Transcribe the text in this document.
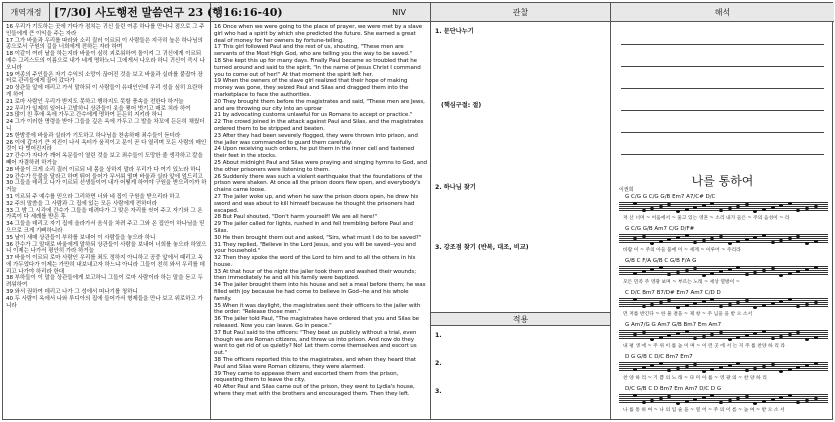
개역개정	[7/30] 사도행전 말씀연구 23 (행16:16-40)

16 우리가 기도하는 곳에 가다가 점치는 귀신 들린 여종 하나를 만나니 점으로 그 주인들에게 큰 이익을 주는 자라

17 그가 바울과 우리를 따라와 소리 질러 이르되 이 사람들은 지극히 높은 하나님의 종으로서 구원의 길을 너희에게 전하는 자라 하며

18 이같이 여러 날을 하는지라 바울이 심히 괴로워하여 돌이켜 그 귀신에게 이르되 예수 그리스도의 이름으로 내가 네게 명하노니 그에게서 나오라 하니 귀신이 즉시 나오니라

19 여종의 주인들은 자기 수익의 소망이 끊어진 것을 보고 바울과 실라를 붙잡아 장터로 관리들에게 끌어 갔다가

20 상관들 앞에 데리고 가서 말하되 이 사람들이 유대인인데 우리 성을 심히 요란하게 하여

21 로마 사람인 우리가 받지도 못하고 행하지도 못할 풍속을 전한다 하거늘

22 무리가 일제히 일어나 고발하니 상관들이 옷을 찢어 벗기고 매로 치라 하여

23 많이 친 후에 옥에 가두고 간수에게 명하여 든든히 지키라 하니

24 그가 이러한 명령을 받아 그들을 깊은 옥에 가두고 그 발을 차꼬에 든든히 채웠더니

25 한밤중에 바울과 실라가 기도하고 하나님을 찬송하매 죄수들이 듣더라

26 이에 갑자기 큰 지진이 나서 옥터가 움직이고 문이 곧 다 열리며 모든 사람의 매인 것이 다 벗어진지라

27 간수가 자다가 깨어 옥문들이 열린 것을 보고 죄수들이 도망한 줄 생각하고 칼을 빼어 자결하려 하거늘

28 바울이 크게 소리 질러 이르되 네 몸을 상하지 말라 우리가 다 여기 있노라 하니

29 간수가 등불을 달라고 하며 뛰어 들어가 무서워 떨며 바울과 실라 앞에 엎드리고

30 그들을 데리고 나가 이르되 선생들이여 내가 어떻게 하여야 구원을 받으리이까 하거늘

31 이르되 주 예수를 믿으라 그리하면 너와 네 집이 구원을 받으리라 하고

32 주의 말씀을 그 사람과 그 집에 있는 모든 사람에게 전하더라

33 그 밤 그 시각에 간수가 그들을 데려다가 그 맞은 자리를 씻어 주고 자기와 그 온 가족이 다 세례를 받은 후

34 그들을 데리고 자기 집에 올라가서 음식을 차려 주고 그와 온 집안이 하나님을 믿으므로 크게 기뻐하니라

35 날이 새매 상관들이 부하를 보내어 이 사람들을 놓으라 하니

36 간수가 그 말대로 바울에게 말하되 상관들이 사람을 보내어 너희를 놓으라 하였으니 이제는 나가서 평안히 가라 하거늘

37 바울이 이르되 로마 사람인 우리를 죄도 정하지 아니하고 공중 앞에서 때리고 옥에 가두었다가 이제는 가만히 내보내고자 하느냐 아니라 그들이 친히 와서 우리를 데리고 나가야 하리라 한대

38 부하들이 이 말을 상관들에게 보고하니 그들이 로마 사람이라 하는 말을 듣고 두려워하여

39 와서 권하여 데리고 나가 그 성에서 떠나기를 청하니

40 두 사람이 옥에서 나와 루디아의 집에 들어가서 형제들을 만나 보고 위로하고 가니라

NIV

16 Once when we were going to the place of prayer, we were met by a slave girl who had a spirit by which she predicted the future. She earned a great deal of money for her owners by fortune-telling.

17 This girl followed Paul and the rest of us, shouting, "These men are servants of the Most High God, who are telling you the way to be saved."

18 She kept this up for many days. Finally Paul became so troubled that he turned around and said to the spirit, "In the name of Jesus Christ I command you to come out of her!" At that moment the spirit left her.

19 When the owners of the slave girl realized that their hope of making money was gone, they seized Paul and Silas and dragged them into the marketplace to face the authorities.

20 They brought them before the magistrates and said, "These men are Jews, and are throwing our city into an uproar

21 by advocating customs unlawful for us Romans to accept or practice."

22 The crowd joined in the attack against Paul and Silas, and the magistrates ordered them to be stripped and beaten.

23 After they had been severely flogged, they were thrown into prison, and the jailer was commanded to guard them carefully.

24 Upon receiving such orders, he put them in the inner cell and fastened their feet in the stocks.

25 About midnight Paul and Silas were praying and singing hymns to God, and the other prisoners were listening to them.

26 Suddenly there was such a violent earthquake that the foundations of the prison were shaken. At once all the prison doors flew open, and everybody's chains came loose.

27 The jailer woke up, and when he saw the prison doors open, he drew his sword and was about to kill himself because he thought the prisoners had escaped.

28 But Paul shouted, "Don't harm yourself! We are all here!"

29 The jailer called for lights, rushed in and fell trembling before Paul and Silas.

30 He then brought them out and asked, "Sirs, what must I do to be saved?"

31 They replied, "Believe in the Lord Jesus, and you will be saved--you and your household."

32 Then they spoke the word of the Lord to him and to all the others in his house.

33 At that hour of the night the jailer took them and washed their wounds; then immediately he and all his family were baptized.

34 The jailer brought them into his house and set a meal before them; he was filled with joy because he had come to believe in God--he and his whole family.

35 When it was daylight, the magistrates sent their officers to the jailer with the order: "Release those men."

36 The jailer told Paul, "The magistrates have ordered that you and Silas be released. Now you can leave. Go in peace."

37 But Paul said to the officers: "They beat us publicly without a trial, even though we are Roman citizens, and threw us into prison. And now do they want to get rid of us quietly? No! Let them come themselves and escort us out."

38 The officers reported this to the magistrates, and when they heard that Paul and Silas were Roman citizens, they were alarmed.

39 They came to appease them and escorted them from the prison, requesting them to leave the city.

40 After Paul and Silas came out of the prison, they went to Lydia's house, where they met with the brothers and encouraged them. Then they left.

관찰
1. 문단나누기
(핵심구절: 절)
2. 하나님 찾기
3. 강조점 찾기 (반복, 대조, 비교)
적용
1.
2.
3.
해석
나를 통하여
이권희
G C/G G C/G G/B Em7 A7/C# D/C
저 산 너머 ~ 어둠에서 ~ 울고 있는 영혼 ~ 소리 내가 들은 ~ 주의 음성이 ~ 라
G C/G G/B Am7 C/G D/F#
바람 이 ~ 주의 아들 품에 이 ~ 세계 ~ 이루어 ~ 주리라
G/B C F/A G/B C G/B F/A G
모든 민족 주 영광 보며 ~ 부르는 노래 ~ 세상 열방이 ~
C D/C Bm7 B7/D# Em7 Am7 C/D D
먼 저를 반긴다 ~ 한 물 결을 ~ 제 창 ~ 주 님을 을 받 으 소서
G Am7/G G Am7 G/B Bm7 Em Am7
내 평 생 에 ~ 주 위 이 를 높 이 며 ~ 이 런 곳 에 서 는 지 주 를 찬양 하 리 라
D G G/B C D/C Bm7 Em7
찬 양 하 리 ~ 기 쁨 의 노 래 ~ 다 미 아 를 ~ 영 광 의 ~ 찬 양 하 리
D/C G/B C D Bm7 Em Am7 D/C D G
나 를 통 하 여 ~ 나 의 입 술 을 ~ 열 어 ~ 주 의 이 름 ~ 높 여 ~ 받 으 소 서
